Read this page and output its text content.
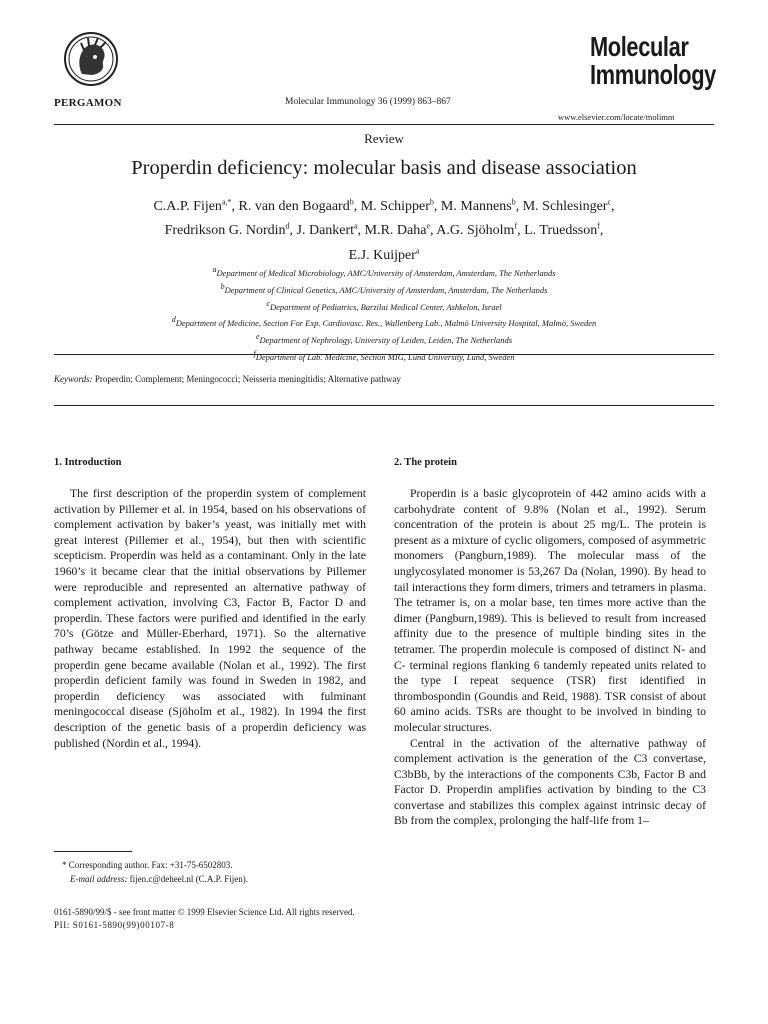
PERGAMON	Molecular Immunology 36 (1999) 863–867
Molecular
Immunology
www.elsevier.com/locate/molimm
Review
Properdin deficiency: molecular basis and disease association
C.A.P. Fijen$^{a,*}$, R. van den Bogaard$^b$, M. Schipper$^b$, M. Mannens$^b$, M. Schlesinger$^c$,
Fredrikson G. Nordin$^d$, J. Dankert$^a$, M.R. Daha$^e$, A.G. Sjöholm$^f$, L. Truedsson$^f$,
E.J. Kuijper$^a$
$^a$Department of Medical Microbiology, AMC/University of Amsterdam, Amsterdam, The Netherlands
$^b$Department of Clinical Genetics, AMC/University of Amsterdam, Amsterdam, The Netherlands
$^c$Department of Pediatrics, Barzilai Medical Center, Ashkelon, Israel
$^d$Department of Medicine, Section For Exp. Cardiovasc. Res., Wallenberg Lab., Malmö University Hospital, Malmö, Sweden
$^e$Department of Nephrology, University of Leiden, Leiden, The Netherlands
$^f$Department of Lab. Medicine, Section MIG, Lund University, Lund, Sweden
Keywords: Properdin; Complement; Meningococci; Neisseria meningitidis; Alternative pathway
1. Introduction	2. The protein

The first description of the properdin system of complement activation by Pillemer et al. in 1954, based on his observations of complement activation by baker’s yeast, was initially met with great interest (Pillemer et al., 1954), but then with scientific scepticism. Properdin was held as a contaminant. Only in the late 1960’s it became clear that the initial observations by Pillemer were reproducible and represented an alternative pathway of complement activation, involving C3, Factor B, Factor D and properdin. These factors were purified and identified in the early 70’s (Götze and Müller-Eberhard, 1971). So the alternative pathway became established. In 1992 the sequence of the properdin gene became available (Nolan et al., 1992). The first properdin deficient family was found in Sweden in 1982, and properdin deficiency was associated with fulminant meningococcal disease (Sjöholm et al., 1982). In 1994 the first description of the genetic basis of a properdin deficiency was published (Nordin et al., 1994).

Properdin is a basic glycoprotein of 442 amino acids with a carbohydrate content of 9.8% (Nolan et al., 1992). Serum concentration of the protein is about 25 mg/L. The protein is present as a mixture of cyclic oligomers, composed of asymmetric monomers (Pangburn,1989). The molecular mass of the unglycosylated monomer is 53,267 Da (Nolan, 1990). By head to tail interactions they form dimers, trimers and tetramers in plasma. The tetramer is, on a molar base, ten times more active than the dimer (Pangburn,1989). This is believed to result from increased affinity due to the presence of multiple binding sites in the tetramer. The properdin molecule is composed of distinct N- and C- terminal regions flanking 6 tandemly repeated units related to the type I repeat sequence (TSR) first identified in thrombospondin (Goundis and Reid, 1988). TSR consist of about 60 amino acids. TSRs are thought to be involved in binding to molecular structures.

Central in the activation of the alternative pathway of complement activation is the generation of the C3 convertase, C3bBb, by the interactions of the components C3b, Factor B and Factor D. Properdin amplifies activation by binding to the C3 convertase and stabilizes this complex against intrinsic decay of Bb from the complex, prolonging the half-life from 1–

* Corresponding author. Fax: +31-75-6502803.
E-mail address: fijen.c@deheel.nl (C.A.P. Fijen).
0161-5890/99/$ - see front matter © 1999 Elsevier Science Ltd. All rights reserved.
PII: S0161-5890(99)00107-8
